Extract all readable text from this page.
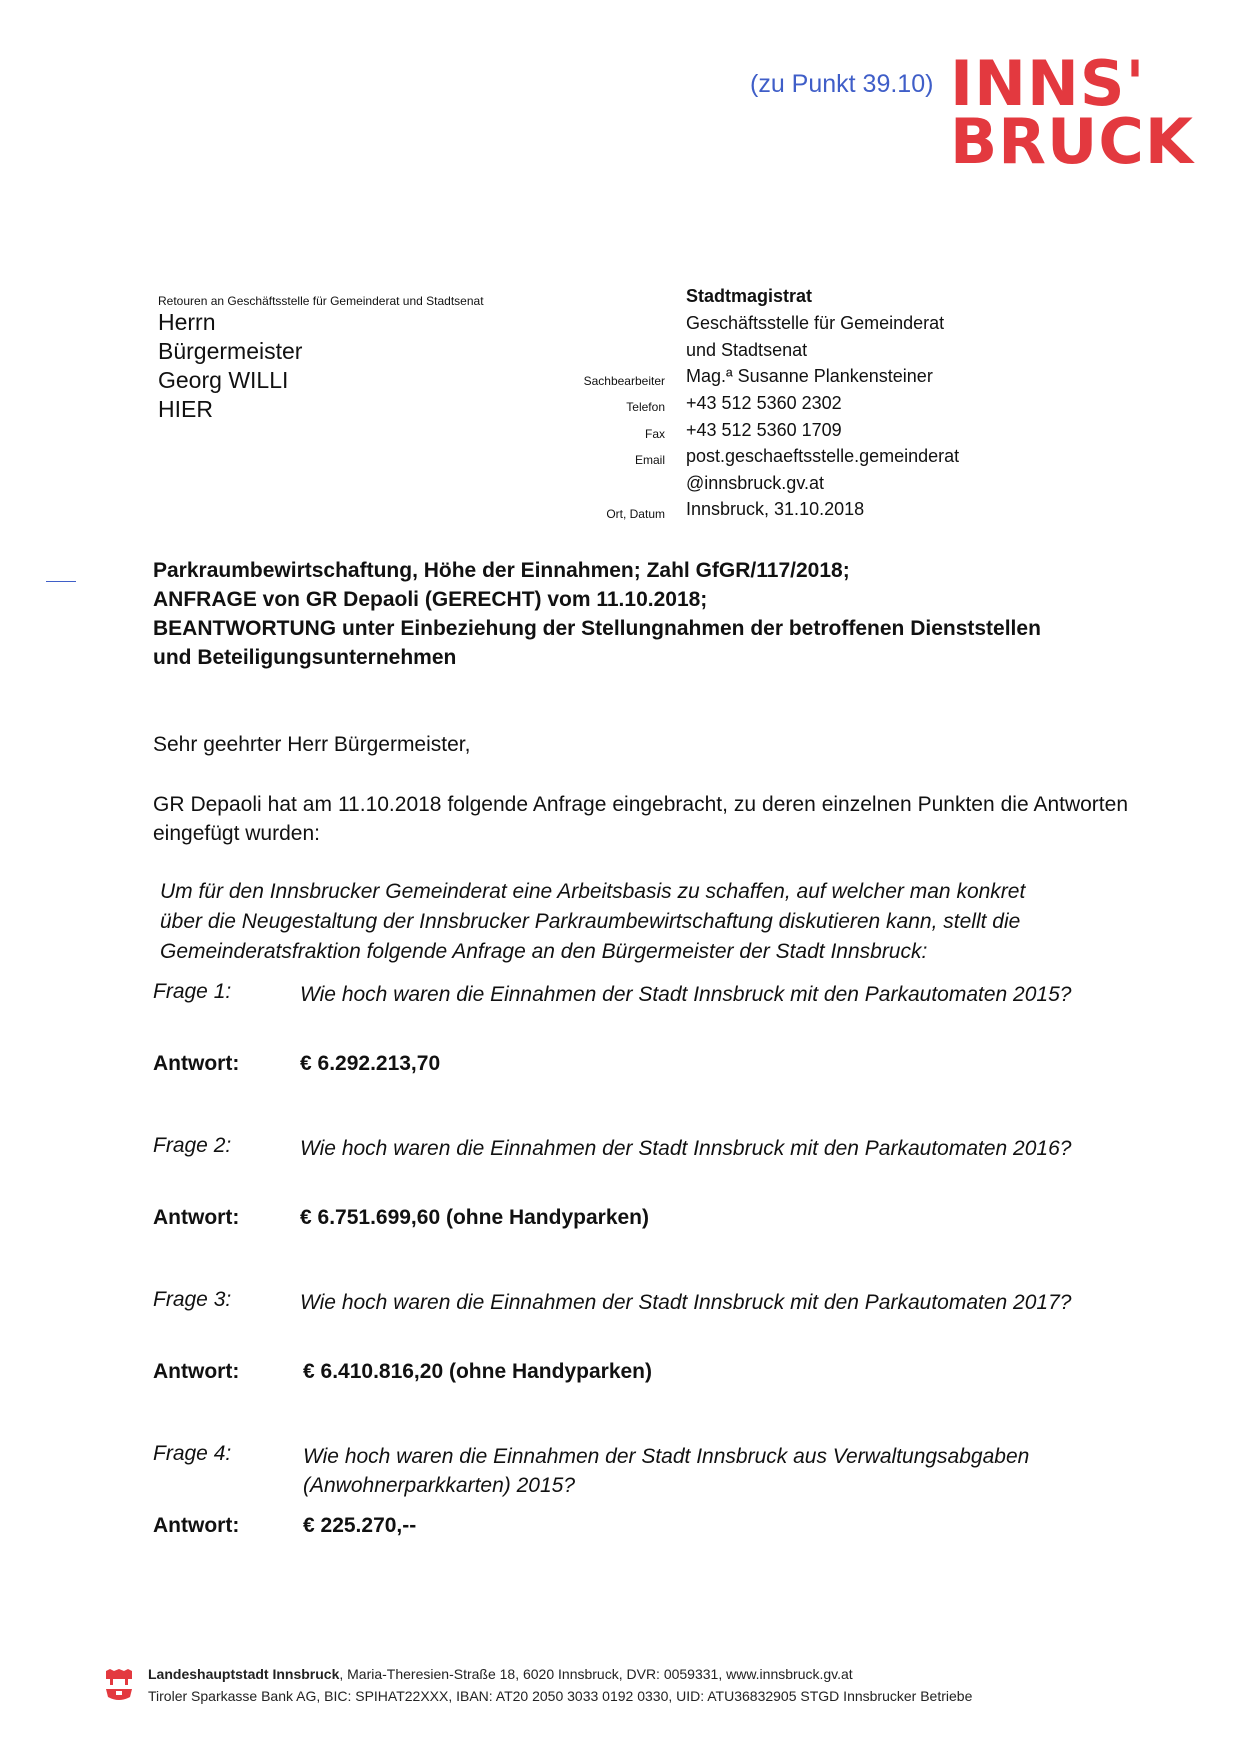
(zu Punkt 39.10) INNS'
BRUCK
Retouren an Geschäftsstelle für Gemeinderat und Stadtsenat
Herrn
Bürgermeister
Georg WILLI
HIER
Stadtmagistrat
Geschäftsstelle für Gemeinderat
und Stadtsenat
Sachbearbeiter Mag.ª Susanne Plankensteiner
Telefon +43 512 5360 2302
Fax +43 512 5360 1709
Email post.geschaeftsstelle.gemeinderat
@innsbruck.gv.at
Ort, Datum Innsbruck, 31.10.2018
Parkraumbewirtschaftung, Höhe der Einnahmen; Zahl GfGR/117/2018;
ANFRAGE von GR Depaoli (GERECHT) vom 11.10.2018;
BEANTWORTUNG unter Einbeziehung der Stellungnahmen der betroffenen Dienststellen
und Beteiligungsunternehmen
Sehr geehrter Herr Bürgermeister,
GR Depaoli hat am 11.10.2018 folgende Anfrage eingebracht, zu deren einzelnen Punkten die Antworten eingefügt wurden:
Um für den Innsbrucker Gemeinderat eine Arbeitsbasis zu schaffen, auf welcher man konkret
über die Neugestaltung der Innsbrucker Parkraumbewirtschaftung diskutieren kann, stellt die
Gemeinderatsfraktion folgende Anfrage an den Bürgermeister der Stadt Innsbruck:
Frage 1:	Wie hoch waren die Einnahmen der Stadt Innsbruck mit den Parkautomaten 2015?
Antwort:	€ 6.292.213,70
Frage 2:	Wie hoch waren die Einnahmen der Stadt Innsbruck mit den Parkautomaten 2016?
Antwort:	€ 6.751.699,60 (ohne Handyparken)
Frage 3:	Wie hoch waren die Einnahmen der Stadt Innsbruck mit den Parkautomaten 2017?
Antwort:	€ 6.410.816,20 (ohne Handyparken)
Frage 4:	Wie hoch waren die Einnahmen der Stadt Innsbruck aus Verwaltungsabgaben (Anwohnerparkkarten) 2015?
Antwort:	€ 225.270,--
Landeshauptstadt Innsbruck, Maria-Theresien-Straße 18, 6020 Innsbruck, DVR: 0059331, www.innsbruck.gv.at
Tiroler Sparkasse Bank AG, BIC: SPIHAT22XXX, IBAN: AT20 2050 3033 0192 0330, UID: ATU36832905 STGD Innsbrucker Betriebe
